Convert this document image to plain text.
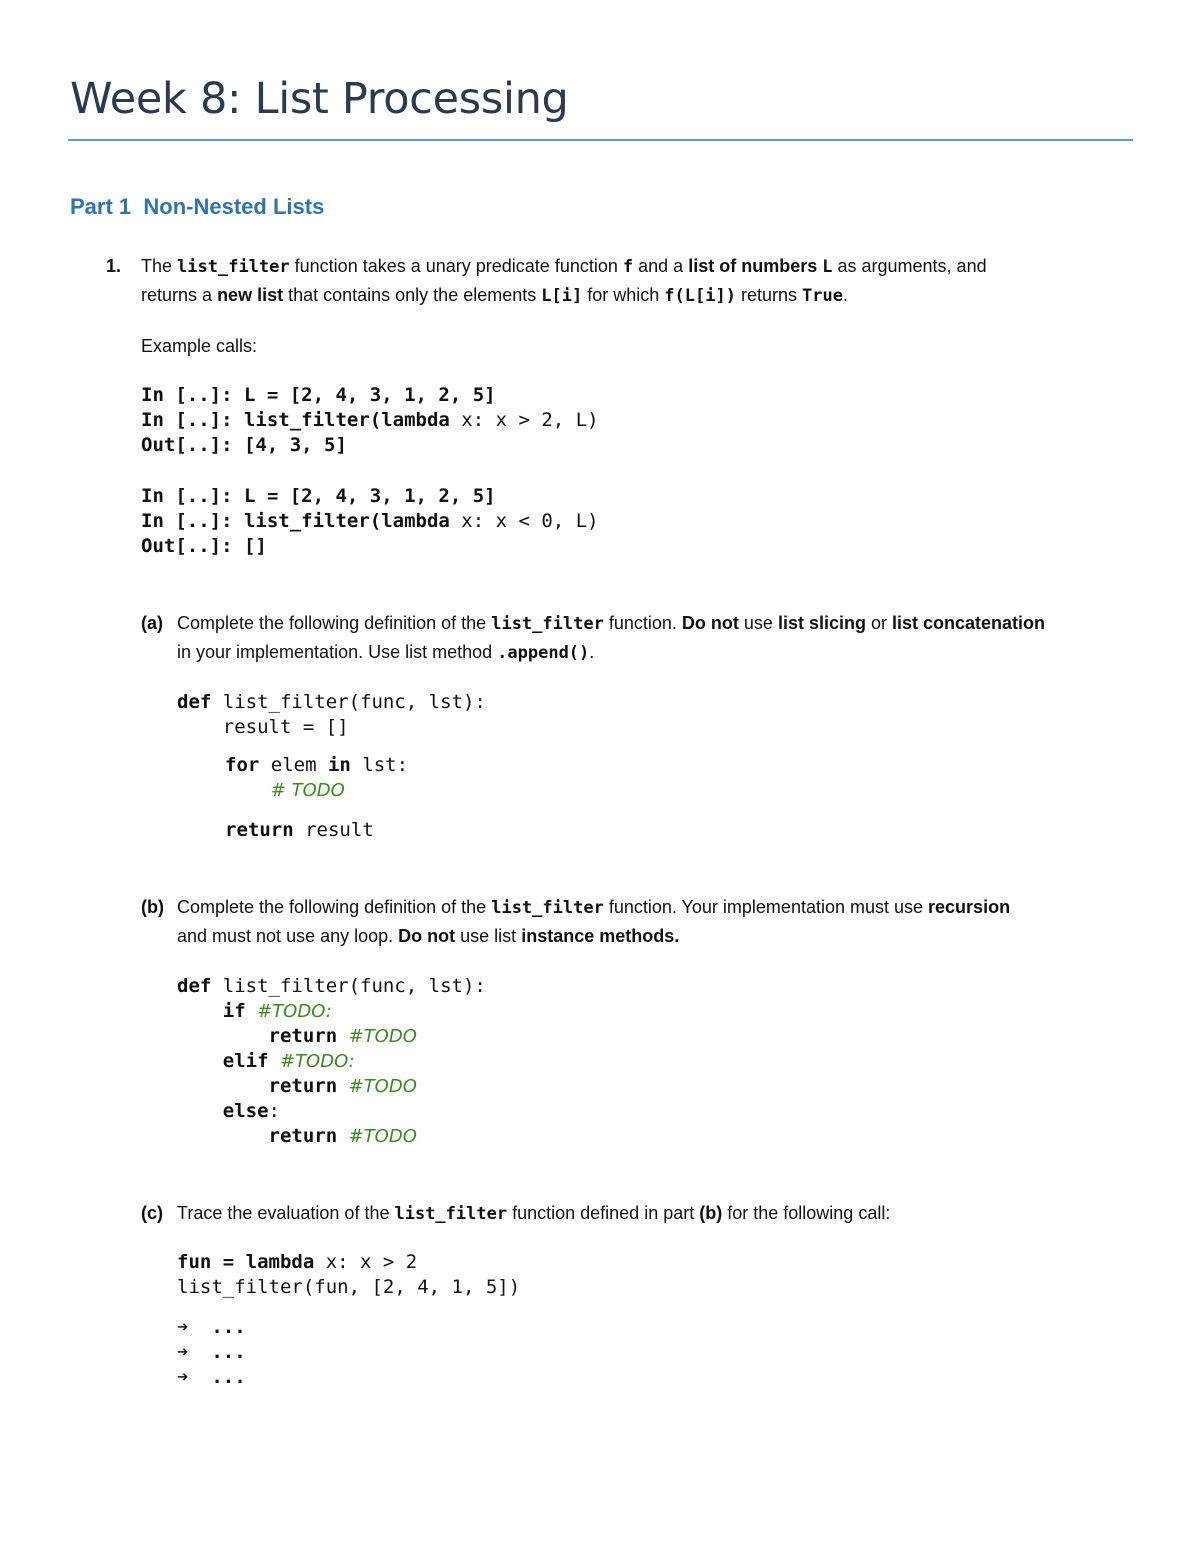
Week 8: List Processing
Part 1 Non-Nested Lists
1. The list_filter function takes a unary predicate function f and a list of numbers L as arguments, and
returns a new list that contains only the elements L[i] for which f(L[i]) returns True.
Example calls:
In [..]: L = [2, 4, 3, 1, 2, 5]
In [..]: list_filter(lambda x: x > 2, L)
Out[..]: [4, 3, 5]
In [..]: L = [2, 4, 3, 1, 2, 5]
In [..]: list_filter(lambda x: x < 0, L)
Out[..]: []
(a) Complete the following definition of the list_filter function. Do not use list slicing or list concatenation
in your implementation. Use list method .append().
def list_filter(func, lst):
result = []
for elem in lst:
# TODO
return result
(b) Complete the following definition of the list_filter function. Your implementation must use recursion
and must not use any loop. Do not use list instance methods.
def list_filter(func, lst):
if #TODO:
return #TODO
elif #TODO:
return #TODO
else:
return #TODO
(c) Trace the evaluation of the list_filter function defined in part (b) for the following call:
fun = lambda x: x > 2
list_filter(fun, [2, 4, 1, 5])
➔ ...
➔ ...
➔ ...
